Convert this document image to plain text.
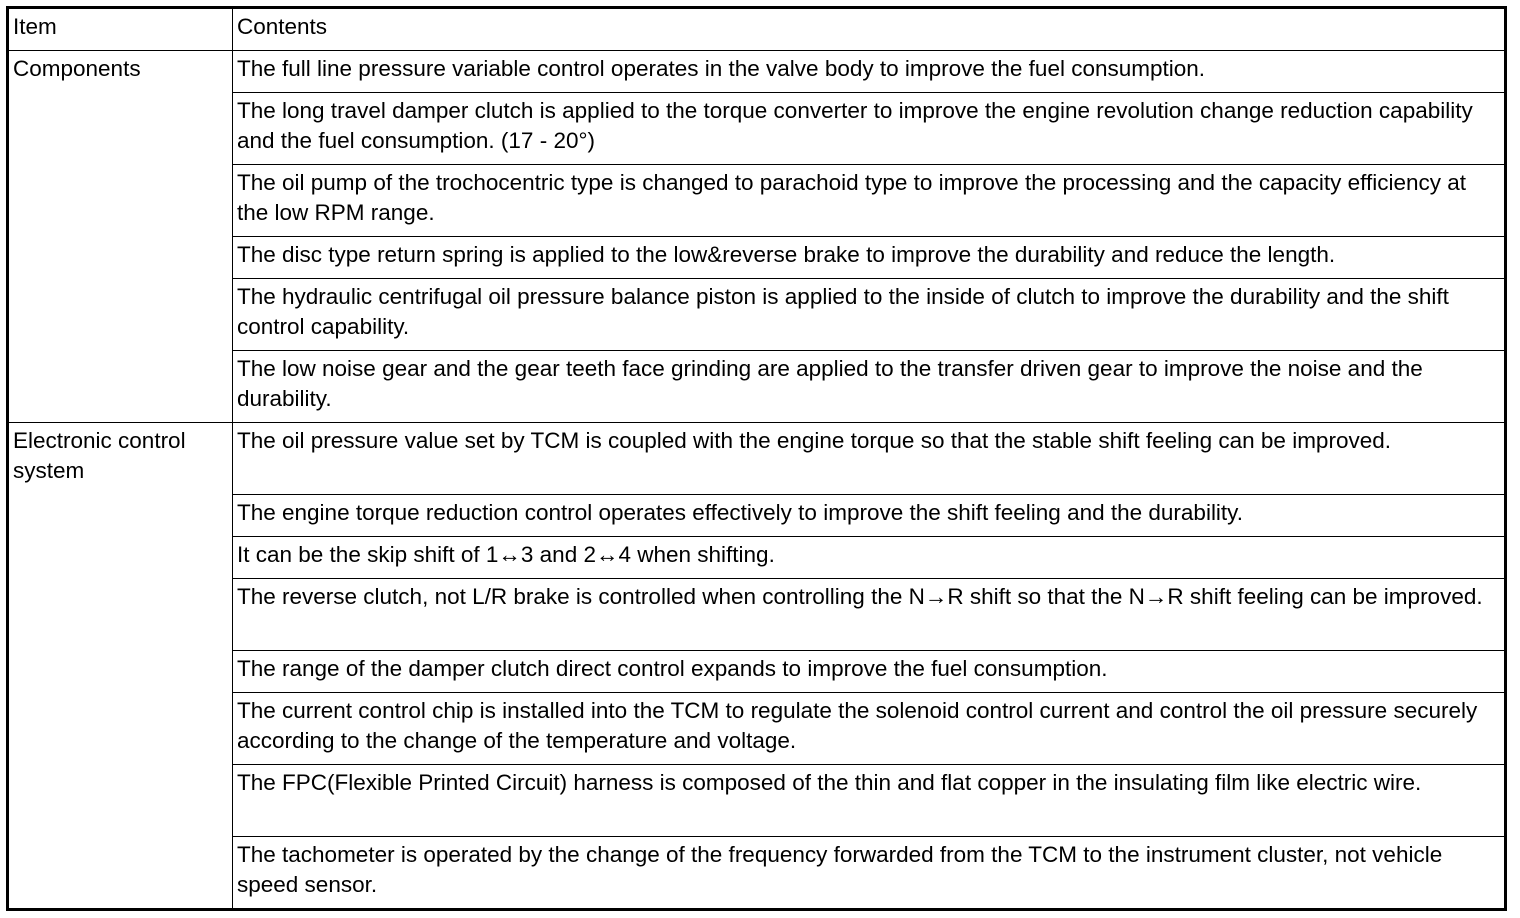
Item	Contents
Components	The full line pressure variable control operates in the valve body to improve the fuel consumption.
	The long travel damper clutch is applied to the torque converter to improve the engine revolution change reduction capability and the fuel consumption. (17 - 20°)
	The oil pump of the trochocentric type is changed to parachoid type to improve the processing and the capacity efficiency at the low RPM range.
	The disc type return spring is applied to the low&reverse brake to improve the durability and reduce the length.
	The hydraulic centrifugal oil pressure balance piston is applied to the inside of clutch to improve the durability and the shift control capability.
	The low noise gear and the gear teeth face grinding are applied to the transfer driven gear to improve the noise and the durability.
Electronic control system	The oil pressure value set by TCM is coupled with the engine torque so that the stable shift feeling can be improved.
	The engine torque reduction control operates effectively to improve the shift feeling and the durability.
	It can be the skip shift of 1↔3 and 2↔4 when shifting.
	The reverse clutch, not L/R brake is controlled when controlling the N→R shift so that the N→R shift feeling can be improved.
	The range of the damper clutch direct control expands to improve the fuel consumption.
	The current control chip is installed into the TCM to regulate the solenoid control current and control the oil pressure securely according to the change of the temperature and voltage.
	The FPC(Flexible Printed Circuit) harness is composed of the thin and flat copper in the insulating film like electric wire.
	The tachometer is operated by the change of the frequency forwarded from the TCM to the instrument cluster, not vehicle speed sensor.
